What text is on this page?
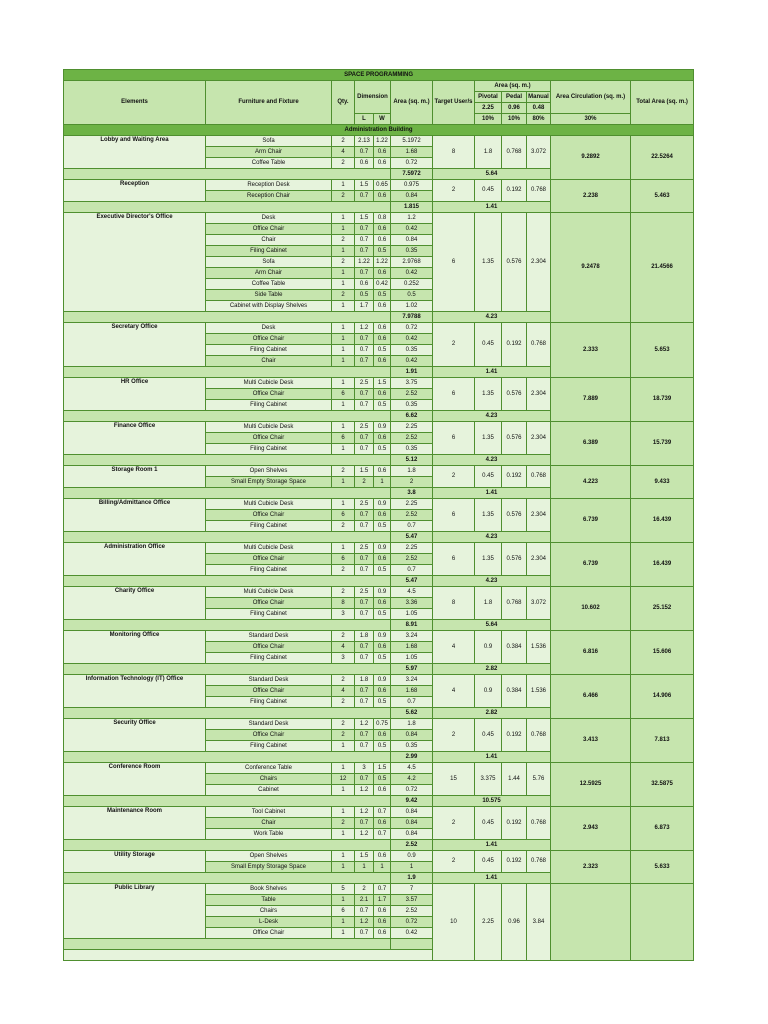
SPACE PROGRAMMING											
Elements	Furniture and Fixture	Qty.	Dimension		Area (sq. m.)	Target User/s	Area (sq. m.)			Area Circulation (sq. m.)	Total Area (sq. m.)
							Pivotal	Pedal	Manual		
							2.25	0.96	0.48		
			L	W			10%	10%	80%	30%	
Administration Building											
Lobby and Waiting Area	Sofa	2	2.13	1.22	5.1972	8	1.8	0.768	3.072	9.2892	22.5264
	Arm Chair	4	0.7	0.6	1.68						
	Coffee Table	2	0.6	0.6	0.72						
					7.5972	5.64					
Reception	Reception Desk	1	1.5	0.65	0.975	2	0.45	0.192	0.768	2.238	5.463
	Reception Chair	2	0.7	0.6	0.84						
					1.815	1.41					
Executive Director's Office	Desk	1	1.5	0.8	1.2	6	1.35	0.576	2.304	9.2478	21.4566
	Office Chair	1	0.7	0.6	0.42						
	Chair	2	0.7	0.6	0.84						
	Filing Cabinet	1	0.7	0.5	0.35						
	Sofa	2	1.22	1.22	2.9768						
	Arm Chair	1	0.7	0.6	0.42						
	Coffee Table	1	0.6	0.42	0.252						
	Side Table	2	0.5	0.5	0.5						
	Cabinet with Display Shelves	1	1.7	0.6	1.02						
					7.9788	4.23					
Secretary Office	Desk	1	1.2	0.6	0.72	2	0.45	0.192	0.768	2.333	5.653
	Office Chair	1	0.7	0.6	0.42						
	Filing Cabinet	1	0.7	0.5	0.35						
	Chair	1	0.7	0.6	0.42						
					1.91	1.41					
HR Office	Multi Cubicle Desk	1	2.5	1.5	3.75	6	1.35	0.576	2.304	7.889	18.739
	Office Chair	6	0.7	0.6	2.52						
	Filing Cabinet	1	0.7	0.5	0.35						
					6.62	4.23					
Finance Office	Multi Cubicle Desk	1	2.5	0.9	2.25	6	1.35	0.576	2.304	6.389	15.739
	Office Chair	6	0.7	0.6	2.52						
	Filing Cabinet	1	0.7	0.5	0.35						
					5.12	4.23					
Storage Room 1	Open Shelves	2	1.5	0.6	1.8	2	0.45	0.192	0.768	4.223	9.433
	Small Empty Storage Space	1	2	1	2						
					3.8	1.41					
Billing/Admittance Office	Multi Cubicle Desk	1	2.5	0.9	2.25	6	1.35	0.576	2.304	6.739	16.439
	Office Chair	6	0.7	0.6	2.52						
	Filing Cabinet	2	0.7	0.5	0.7						
					5.47	4.23					
Administration Office	Multi Cubicle Desk	1	2.5	0.9	2.25	6	1.35	0.576	2.304	6.739	16.439
	Office Chair	6	0.7	0.6	2.52						
	Filing Cabinet	2	0.7	0.5	0.7						
					5.47	4.23					
Charity Office	Multi Cubicle Desk	2	2.5	0.9	4.5	8	1.8	0.768	3.072	10.602	25.152
	Office Chair	8	0.7	0.6	3.36						
	Filing Cabinet	3	0.7	0.5	1.05						
					8.91	5.64					
Monitoring Office	Standard Desk	2	1.8	0.9	3.24	4	0.9	0.384	1.536	6.816	15.606
	Office Chair	4	0.7	0.6	1.68						
	Filing Cabinet	3	0.7	0.5	1.05						
					5.97	2.82					
Information Technology (IT) Office	Standard Desk	2	1.8	0.9	3.24	4	0.9	0.384	1.536	6.466	14.906
	Office Chair	4	0.7	0.6	1.68						
	Filing Cabinet	2	0.7	0.5	0.7						
					5.62	2.82					
Security Office	Standard Desk	2	1.2	0.75	1.8	2	0.45	0.192	0.768	3.413	7.813
	Office Chair	2	0.7	0.6	0.84						
	Filing Cabinet	1	0.7	0.5	0.35						
					2.99	1.41					
Conference Room	Conference Table	1	3	1.5	4.5	15	3.375	1.44	5.76	12.5925	32.5875
	Chairs	12	0.7	0.5	4.2						
	Cabinet	1	1.2	0.6	0.72						
					9.42	10.575					
Maintenance Room	Tool Cabinet	1	1.2	0.7	0.84	2	0.45	0.192	0.768	2.943	6.873
	Chair	2	0.7	0.6	0.84						
	Work Table	1	1.2	0.7	0.84						
					2.52	1.41					
Utility Storage	Open Shelves	1	1.5	0.6	0.9	2	0.45	0.192	0.768	2.323	5.633
	Small Empty Storage Space	1	1	1	1						
					1.9	1.41					
Public Library	Book Shelves	5	2	0.7	7	10	2.25	0.96	3.84		
	Table	1	2.1	1.7	3.57						
	Chairs	6	0.7	0.6	2.52						
	L-Desk	1	1.2	0.6	0.72						
	Office Chair	1	0.7	0.6	0.42						
